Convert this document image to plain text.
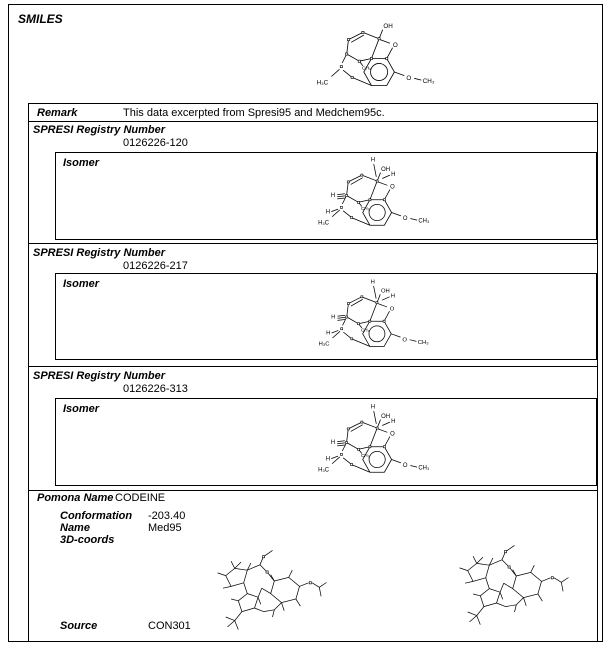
SMILES
Remark	This data excerpted from Spresi95 and Medchem95c.
SPRESI Registry Number
0126226-120
Isomer
SPRESI Registry Number
0126226-217
Isomer
SPRESI Registry Number
0126226-313
Isomer
Pomona Name CODEINE
Conformation -203.40
Name	Med95
3D-coords
Source	CON301
